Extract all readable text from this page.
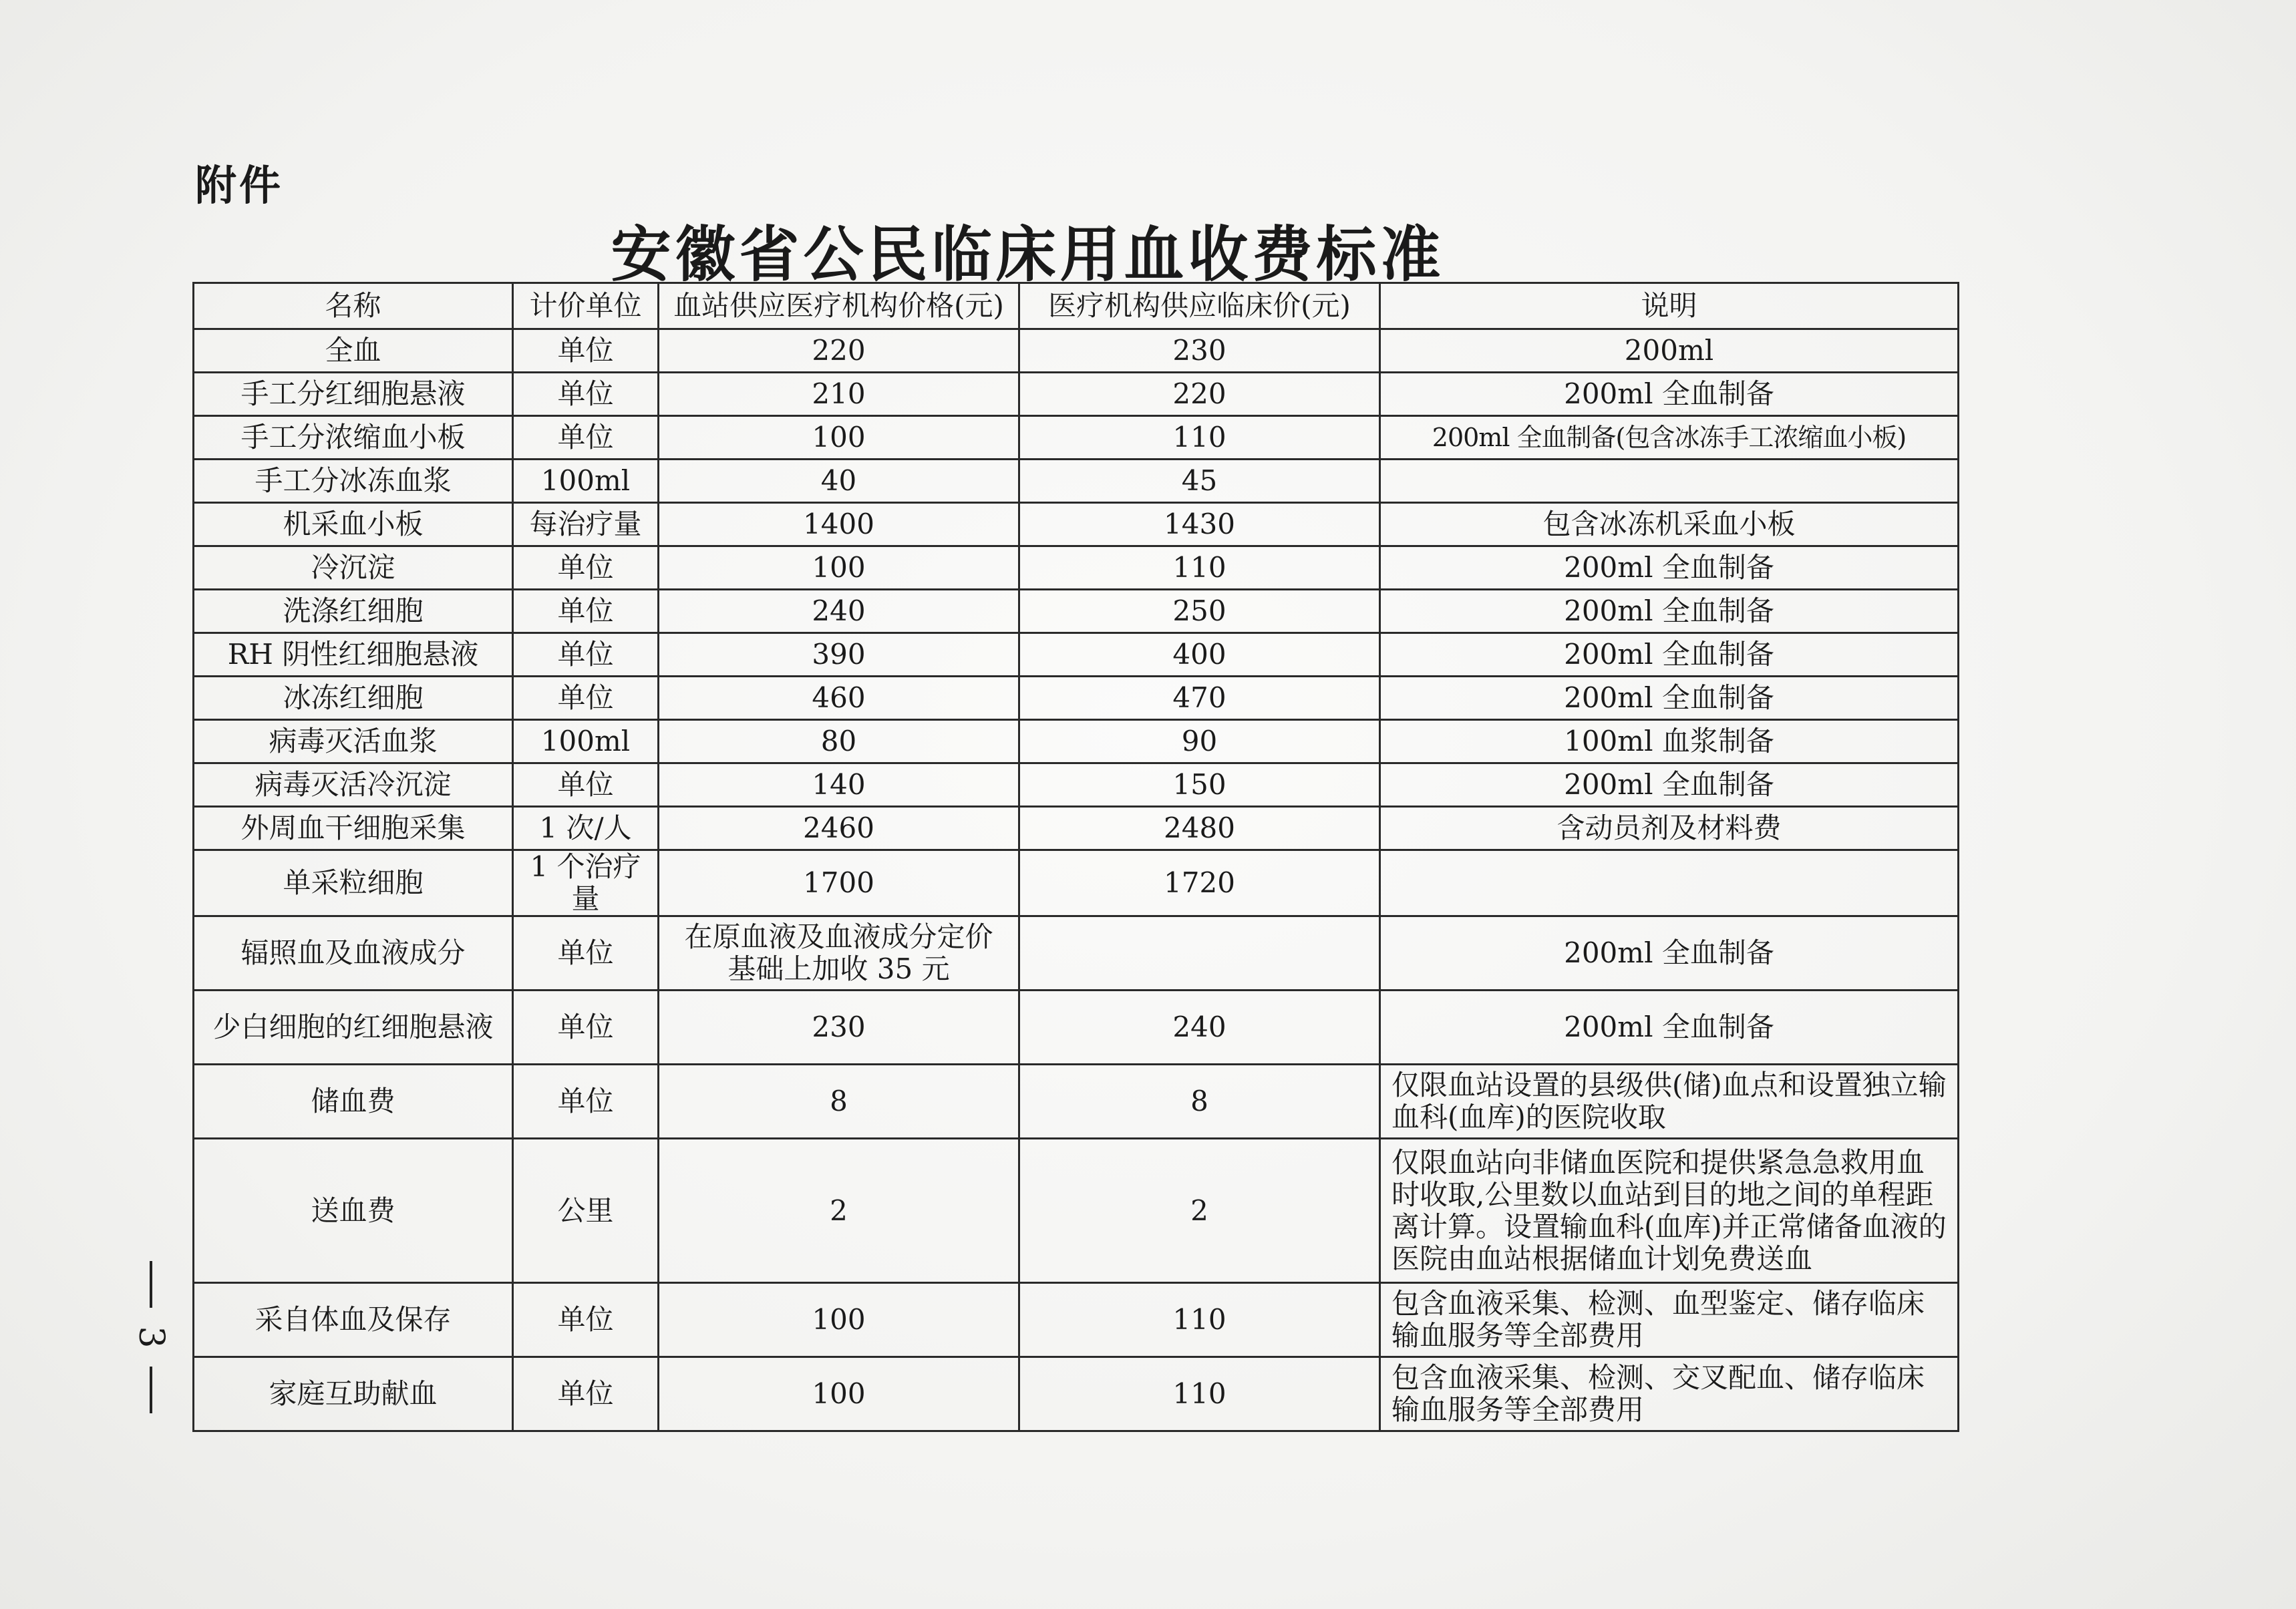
附件
安徽省公民临床用血收费标准
名称	计价单位	血站供应医疗机构价格(元)	医疗机构供应临床价(元)	说明
全血	单位	220	230	200ml
手工分红细胞悬液	单位	210	220	200ml 全血制备
手工分浓缩血小板	单位	100	110	200ml 全血制备(包含冰冻手工浓缩血小板)
手工分冰冻血浆	100ml	40	45	
机采血小板	每治疗量	1400	1430	包含冰冻机采血小板
冷沉淀	单位	100	110	200ml 全血制备
洗涤红细胞	单位	240	250	200ml 全血制备
RH 阴性红细胞悬液	单位	390	400	200ml 全血制备
冰冻红细胞	单位	460	470	200ml 全血制备
病毒灭活血浆	100ml	80	90	100ml 血浆制备
病毒灭活冷沉淀	单位	140	150	200ml 全血制备
外周血干细胞采集	1 次/人	2460	2480	含动员剂及材料费
单采粒细胞	1 个治疗量	1700	1720	
辐照血及血液成分	单位	在原血液及血液成分定价基础上加收 35 元		200ml 全血制备
少白细胞的红细胞悬液	单位	230	240	200ml 全血制备
储血费	单位	8	8	仅限血站设置的县级供(储)血点和设置独立输血科(血库)的医院收取
送血费	公里	2	2	仅限血站向非储血医院和提供紧急急救用血时收取,公里数以血站到目的地之间的单程距离计算。设置输血科(血库)并正常储备血液的医院由血站根据储血计划免费送血
采自体血及保存	单位	100	110	包含血液采集、检测、血型鉴定、储存临床输血服务等全部费用
家庭互助献血	单位	100	110	包含血液采集、检测、交叉配血、储存临床输血服务等全部费用
3
